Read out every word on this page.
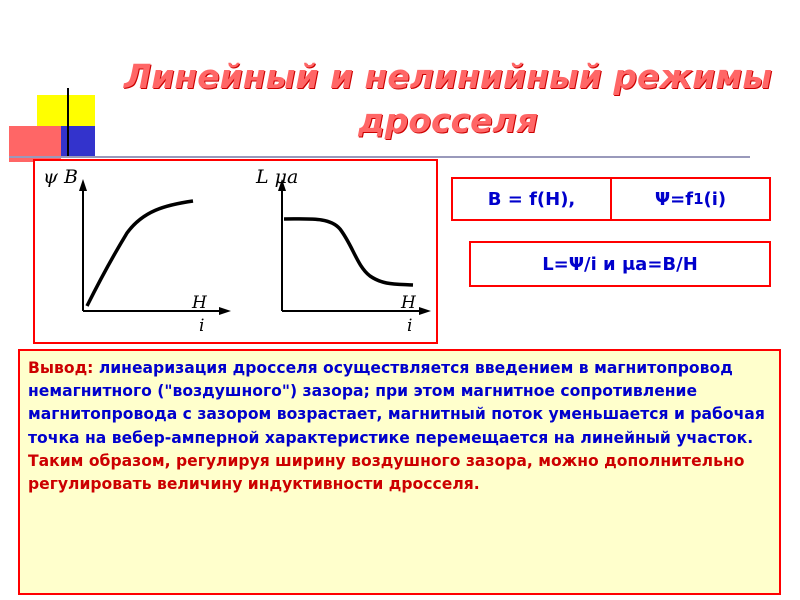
Линейный и нелинийный режимы
дросселя
ψ B
H
i
L μa
H
i
B = f(H),	Ψ=f 1 (i)
L=Ψ/i и μa=B/H
Вывод: линеаризация дросселя осуществляется введением в магнитопровод немагнитного ("воздушного") зазора; при этом магнитное сопротивление магнитопровода с зазором возрастает, магнитный поток уменьшается и рабочая точка на вебер-амперной характеристике перемещается на линейный участок.
Таким образом, регулируя ширину воздушного зазора, можно дополнительно регулировать величину индуктивности дросселя.
